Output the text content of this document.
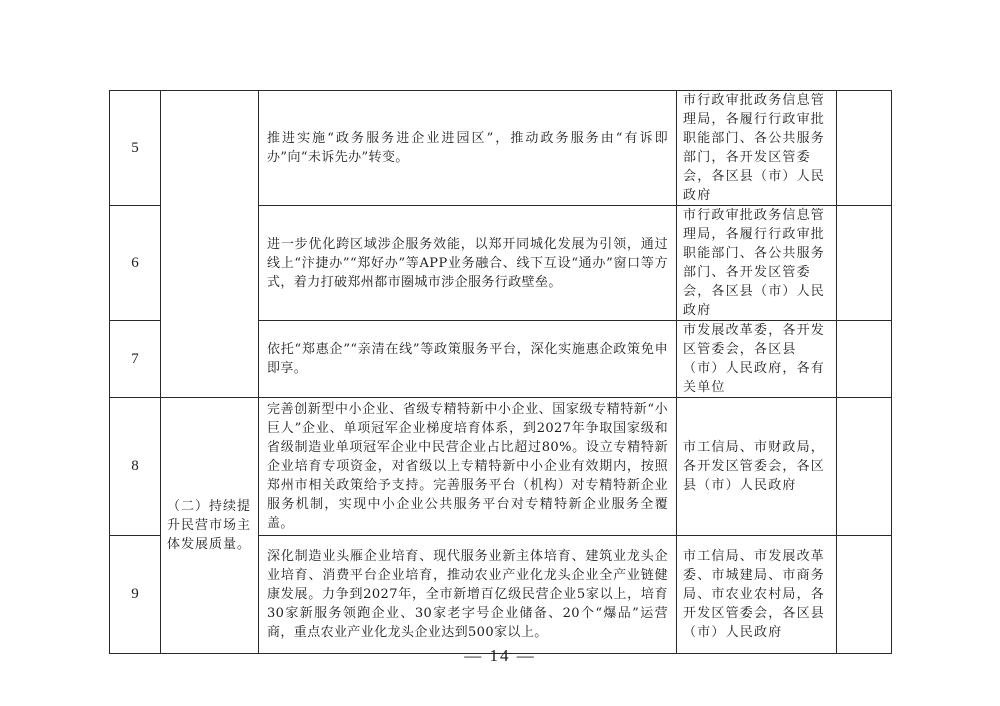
5		推进实施“政务服务进企业进园区”，推动政务服务由“有诉即办”向“未诉先办”转变。	市行政审批政务信息管理局，各履行行政审批职能部门、各公共服务部门，各开发区管委会，各区县（市）人民政府	
6		进一步优化跨区域涉企服务效能，以郑开同城化发展为引领，通过线上“汴捷办”“郑好办”等APP业务融合、线下互设“通办”窗口等方式，着力打破郑州都市圈城市涉企服务行政壁垒。	市行政审批政务信息管理局，各履行行政审批职能部门、各公共服务部门、各开发区管委会，各区县（市）人民政府	
7		依托“郑惠企”“亲清在线”等政策服务平台，深化实施惠企政策免申即享。	市发展改革委，各开发区管委会，各区县（市）人民政府，各有关单位	
8	（二）持续提升民营市场主体发展质量。	完善创新型中小企业、省级专精特新中小企业、国家级专精特新“小巨人”企业、单项冠军企业梯度培育体系，到2027年争取国家级和省级制造业单项冠军企业中民营企业占比超过80%。设立专精特新企业培育专项资金，对省级以上专精特新中小企业有效期内，按照郑州市相关政策给予支持。完善服务平台（机构）对专精特新企业服务机制，实现中小企业公共服务平台对专精特新企业服务全覆盖。	市工信局、市财政局，各开发区管委会，各区县（市）人民政府	
9		深化制造业头雁企业培育、现代服务业新主体培育、建筑业龙头企业培育、消费平台企业培育，推动农业产业化龙头企业全产业链健康发展。力争到2027年，全市新增百亿级民营企业5家以上，培育30家新服务领跑企业、30家老字号企业储备、20个“爆品”运营商，重点农业产业化龙头企业达到500家以上。	市工信局、市发展改革委、市城建局、市商务局、市农业农村局，各开发区管委会，各区县（市）人民政府	
— 14 —
